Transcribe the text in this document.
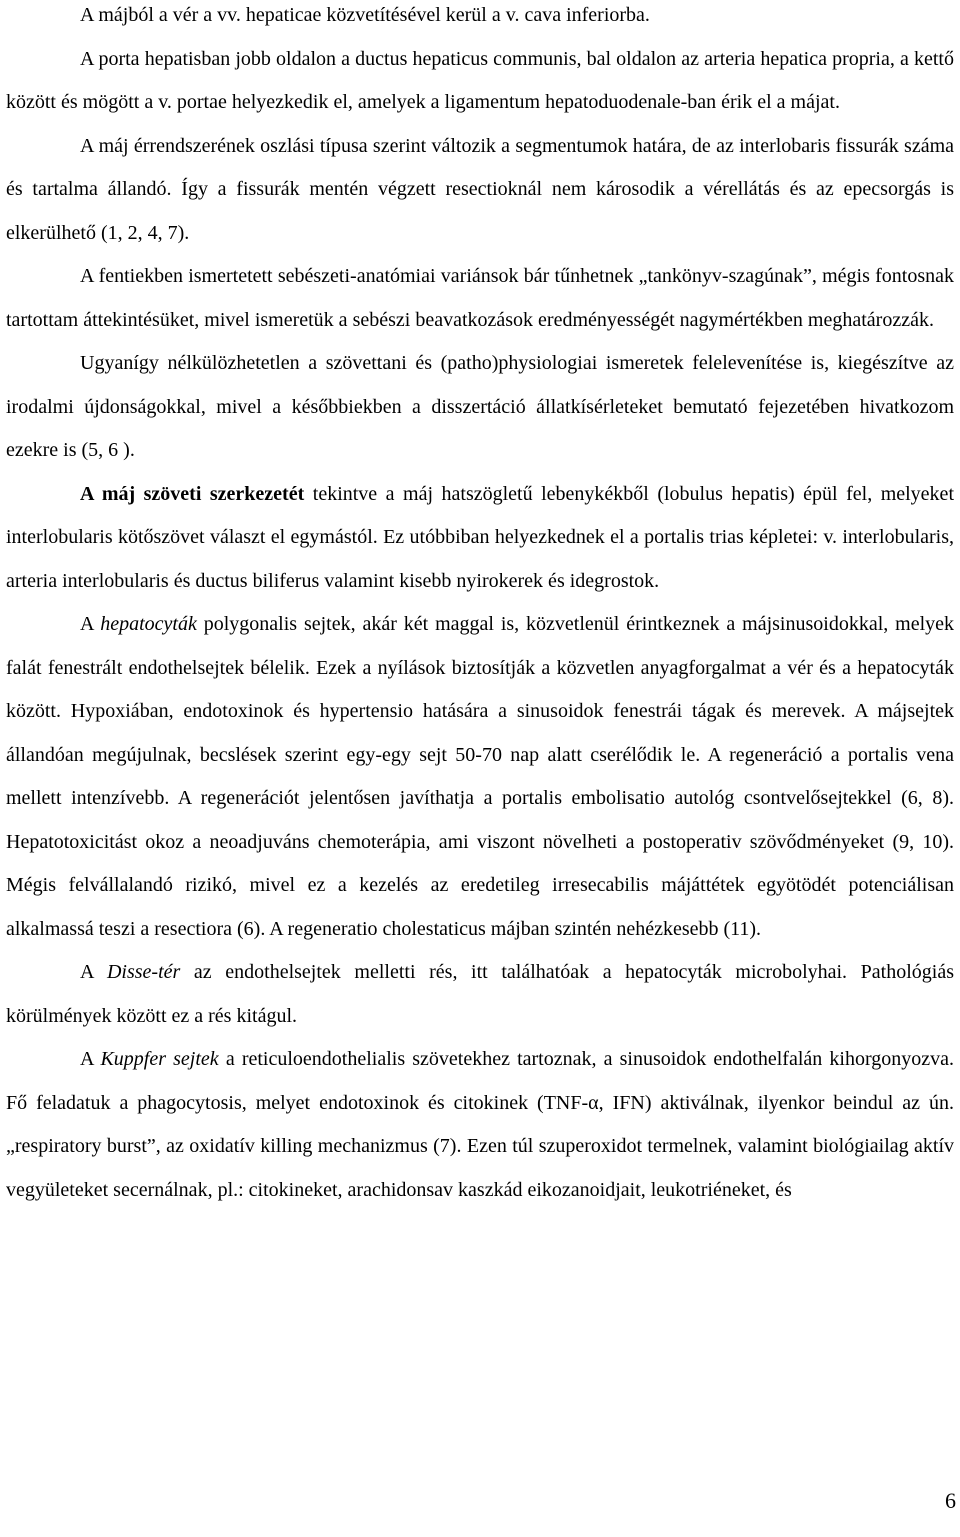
A májból a vér a vv. hepaticae közvetítésével kerül a v. cava inferiorba.

A porta hepatisban jobb oldalon a ductus hepaticus communis, bal oldalon az arteria hepatica propria, a kettő között és mögött a v. portae helyezkedik el, amelyek a ligamentum hepatoduodenale-ban érik el a májat.

A máj érrendszerének oszlási típusa szerint változik a segmentumok határa, de az interlobaris fissurák száma és tartalma állandó. Így a fissurák mentén végzett resectioknál nem károsodik a vérellátás és az epecsorgás is elkerülhető (1, 2, 4, 7).

A fentiekben ismertetett sebészeti-anatómiai variánsok bár tűnhetnek „tankönyv-szagúnak”, mégis fontosnak tartottam áttekintésüket, mivel ismeretük a sebészi beavatkozások eredményességét nagymértékben meghatározzák.

Ugyanígy nélkülözhetetlen a szövettani és (patho)physiologiai ismeretek felelevenítése is, kiegészítve az irodalmi újdonságokkal, mivel a későbbiekben a disszertáció állatkísérleteket bemutató fejezetében hivatkozom ezekre is (5, 6 ).

A máj szöveti szerkezetét tekintve a máj hatszögletű lebenykékből (lobulus hepatis) épül fel, melyeket interlobularis kötőszövet választ el egymástól. Ez utóbbiban helyezkednek el a portalis trias képletei: v. interlobularis, arteria interlobularis és ductus biliferus valamint kisebb nyirokerek és idegrostok.

A hepatocyták polygonalis sejtek, akár két maggal is, közvetlenül érintkeznek a májsinusoidokkal, melyek falát fenestrált endothelsejtek bélelik. Ezek a nyílások biztosítják a közvetlen anyagforgalmat a vér és a hepatocyták között. Hypoxiában, endotoxinok és hypertensio hatására a sinusoidok fenestrái tágak és merevek. A májsejtek állandóan megújulnak, becslések szerint egy-egy sejt 50-70 nap alatt cserélődik le. A regeneráció a portalis vena mellett intenzívebb. A regenerációt jelentősen javíthatja a portalis embolisatio autológ csontvelősejtekkel (6, 8). Hepatotoxicitást okoz a neoadjuváns chemoterápia, ami viszont növelheti a postoperativ szövődményeket (9, 10). Mégis felvállalandó rizikó, mivel ez a kezelés az eredetileg irresecabilis májáttétek egyötödét potenciálisan alkalmassá teszi a resectiora (6). A regeneratio cholestaticus májban szintén nehézkesebb (11).

A Disse-tér az endothelsejtek melletti rés, itt találhatóak a hepatocyták microbolyhai. Pathológiás körülmények között ez a rés kitágul.

A Kuppfer sejtek a reticuloendothelialis szövetekhez tartoznak, a sinusoidok endothelfalán kihorgonyozva. Fő feladatuk a phagocytosis, melyet endotoxinok és citokinek (TNF-α, IFN) aktiválnak, ilyenkor beindul az ún. „respiratory burst”, az oxidatív killing mechanizmus (7). Ezen túl szuperoxidot termelnek, valamint biológiailag aktív vegyületeket secernálnak, pl.: citokineket, arachidonsav kaszkád eikozanoidjait, leukotriéneket, és

6
